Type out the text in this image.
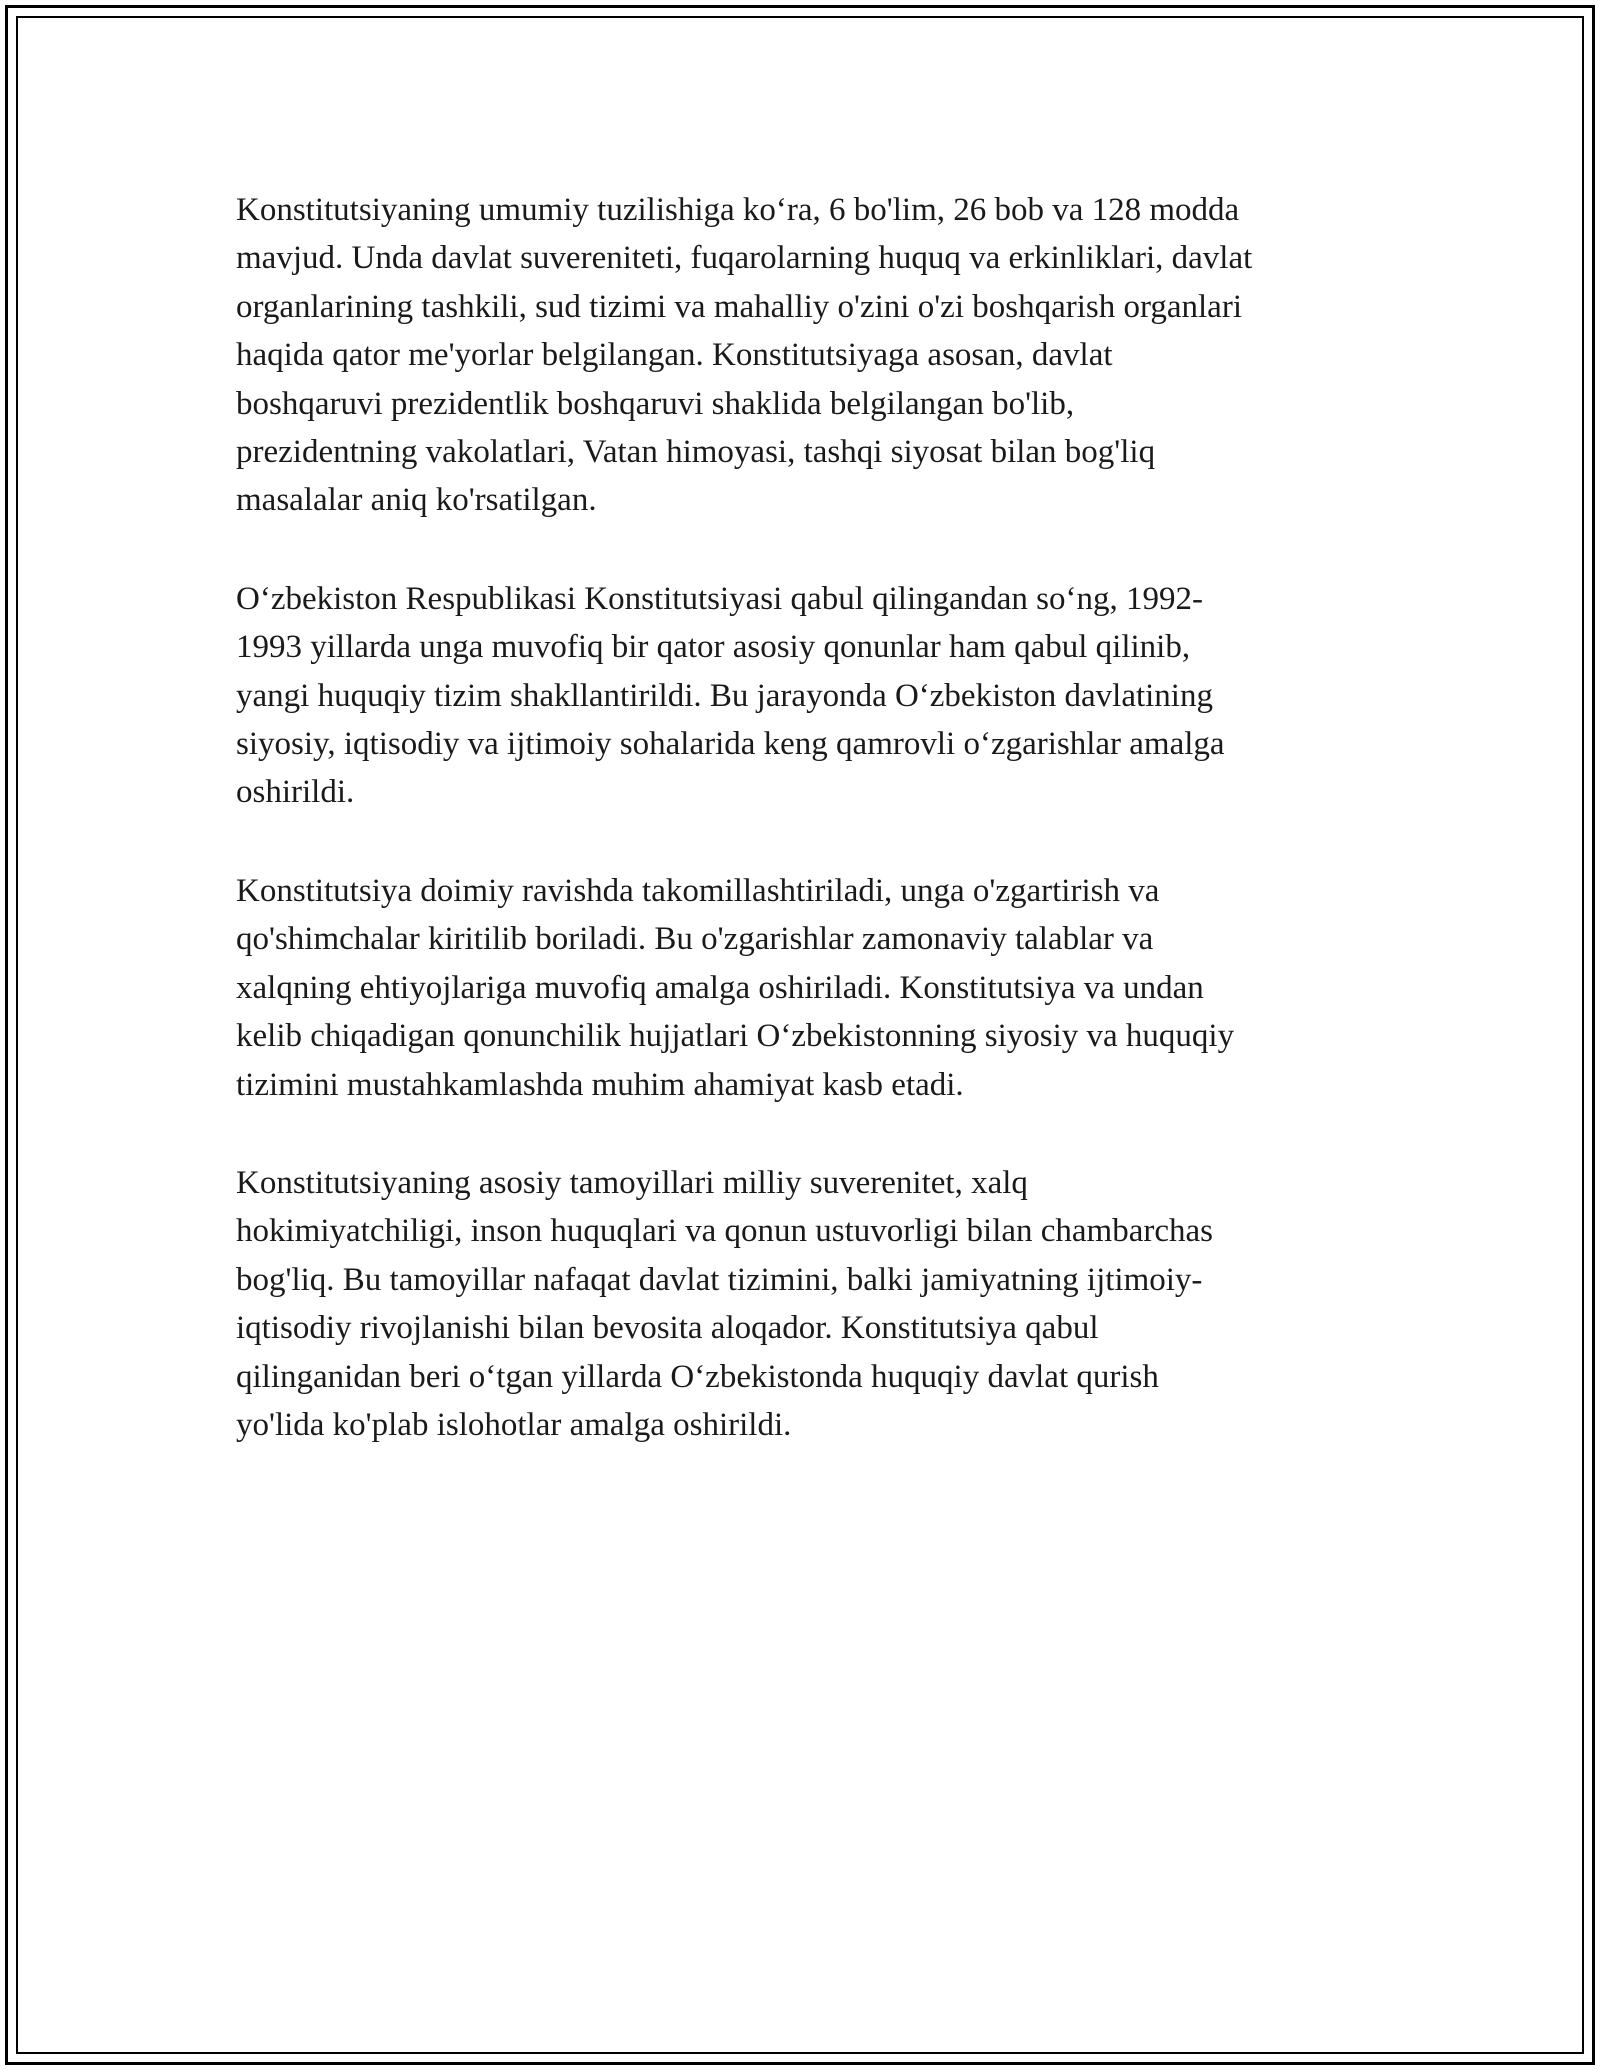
Konstitutsiyaning umumiy tuzilishiga ko‘ra, 6 bo'lim, 26 bob va 128 modda
mavjud. Unda davlat suvereniteti, fuqarolarning huquq va erkinliklari, davlat
organlarining tashkili, sud tizimi va mahalliy o'zini o'zi boshqarish organlari
haqida qator me'yorlar belgilangan. Konstitutsiyaga asosan, davlat
boshqaruvi prezidentlik boshqaruvi shaklida belgilangan bo'lib,
prezidentning vakolatlari, Vatan himoyasi, tashqi siyosat bilan bog'liq
masalalar aniq ko'rsatilgan.

O‘zbekiston Respublikasi Konstitutsiyasi qabul qilingandan so‘ng, 1992-
1993 yillarda unga muvofiq bir qator asosiy qonunlar ham qabul qilinib,
yangi huquqiy tizim shakllantirildi. Bu jarayonda O‘zbekiston davlatining
siyosiy, iqtisodiy va ijtimoiy sohalarida keng qamrovli o‘zgarishlar amalga
oshirildi.

Konstitutsiya doimiy ravishda takomillashtiriladi, unga o'zgartirish va
qo'shimchalar kiritilib boriladi. Bu o'zgarishlar zamonaviy talablar va
xalqning ehtiyojlariga muvofiq amalga oshiriladi. Konstitutsiya va undan
kelib chiqadigan qonunchilik hujjatlari O‘zbekistonning siyosiy va huquqiy
tizimini mustahkamlashda muhim ahamiyat kasb etadi.

Konstitutsiyaning asosiy tamoyillari milliy suverenitet, xalq
hokimiyatchiligi, inson huquqlari va qonun ustuvorligi bilan chambarchas
bog'liq. Bu tamoyillar nafaqat davlat tizimini, balki jamiyatning ijtimoiy-
iqtisodiy rivojlanishi bilan bevosita aloqador. Konstitutsiya qabul
qilinganidan beri o‘tgan yillarda O‘zbekistonda huquqiy davlat qurish
yo'lida ko'plab islohotlar amalga oshirildi.
